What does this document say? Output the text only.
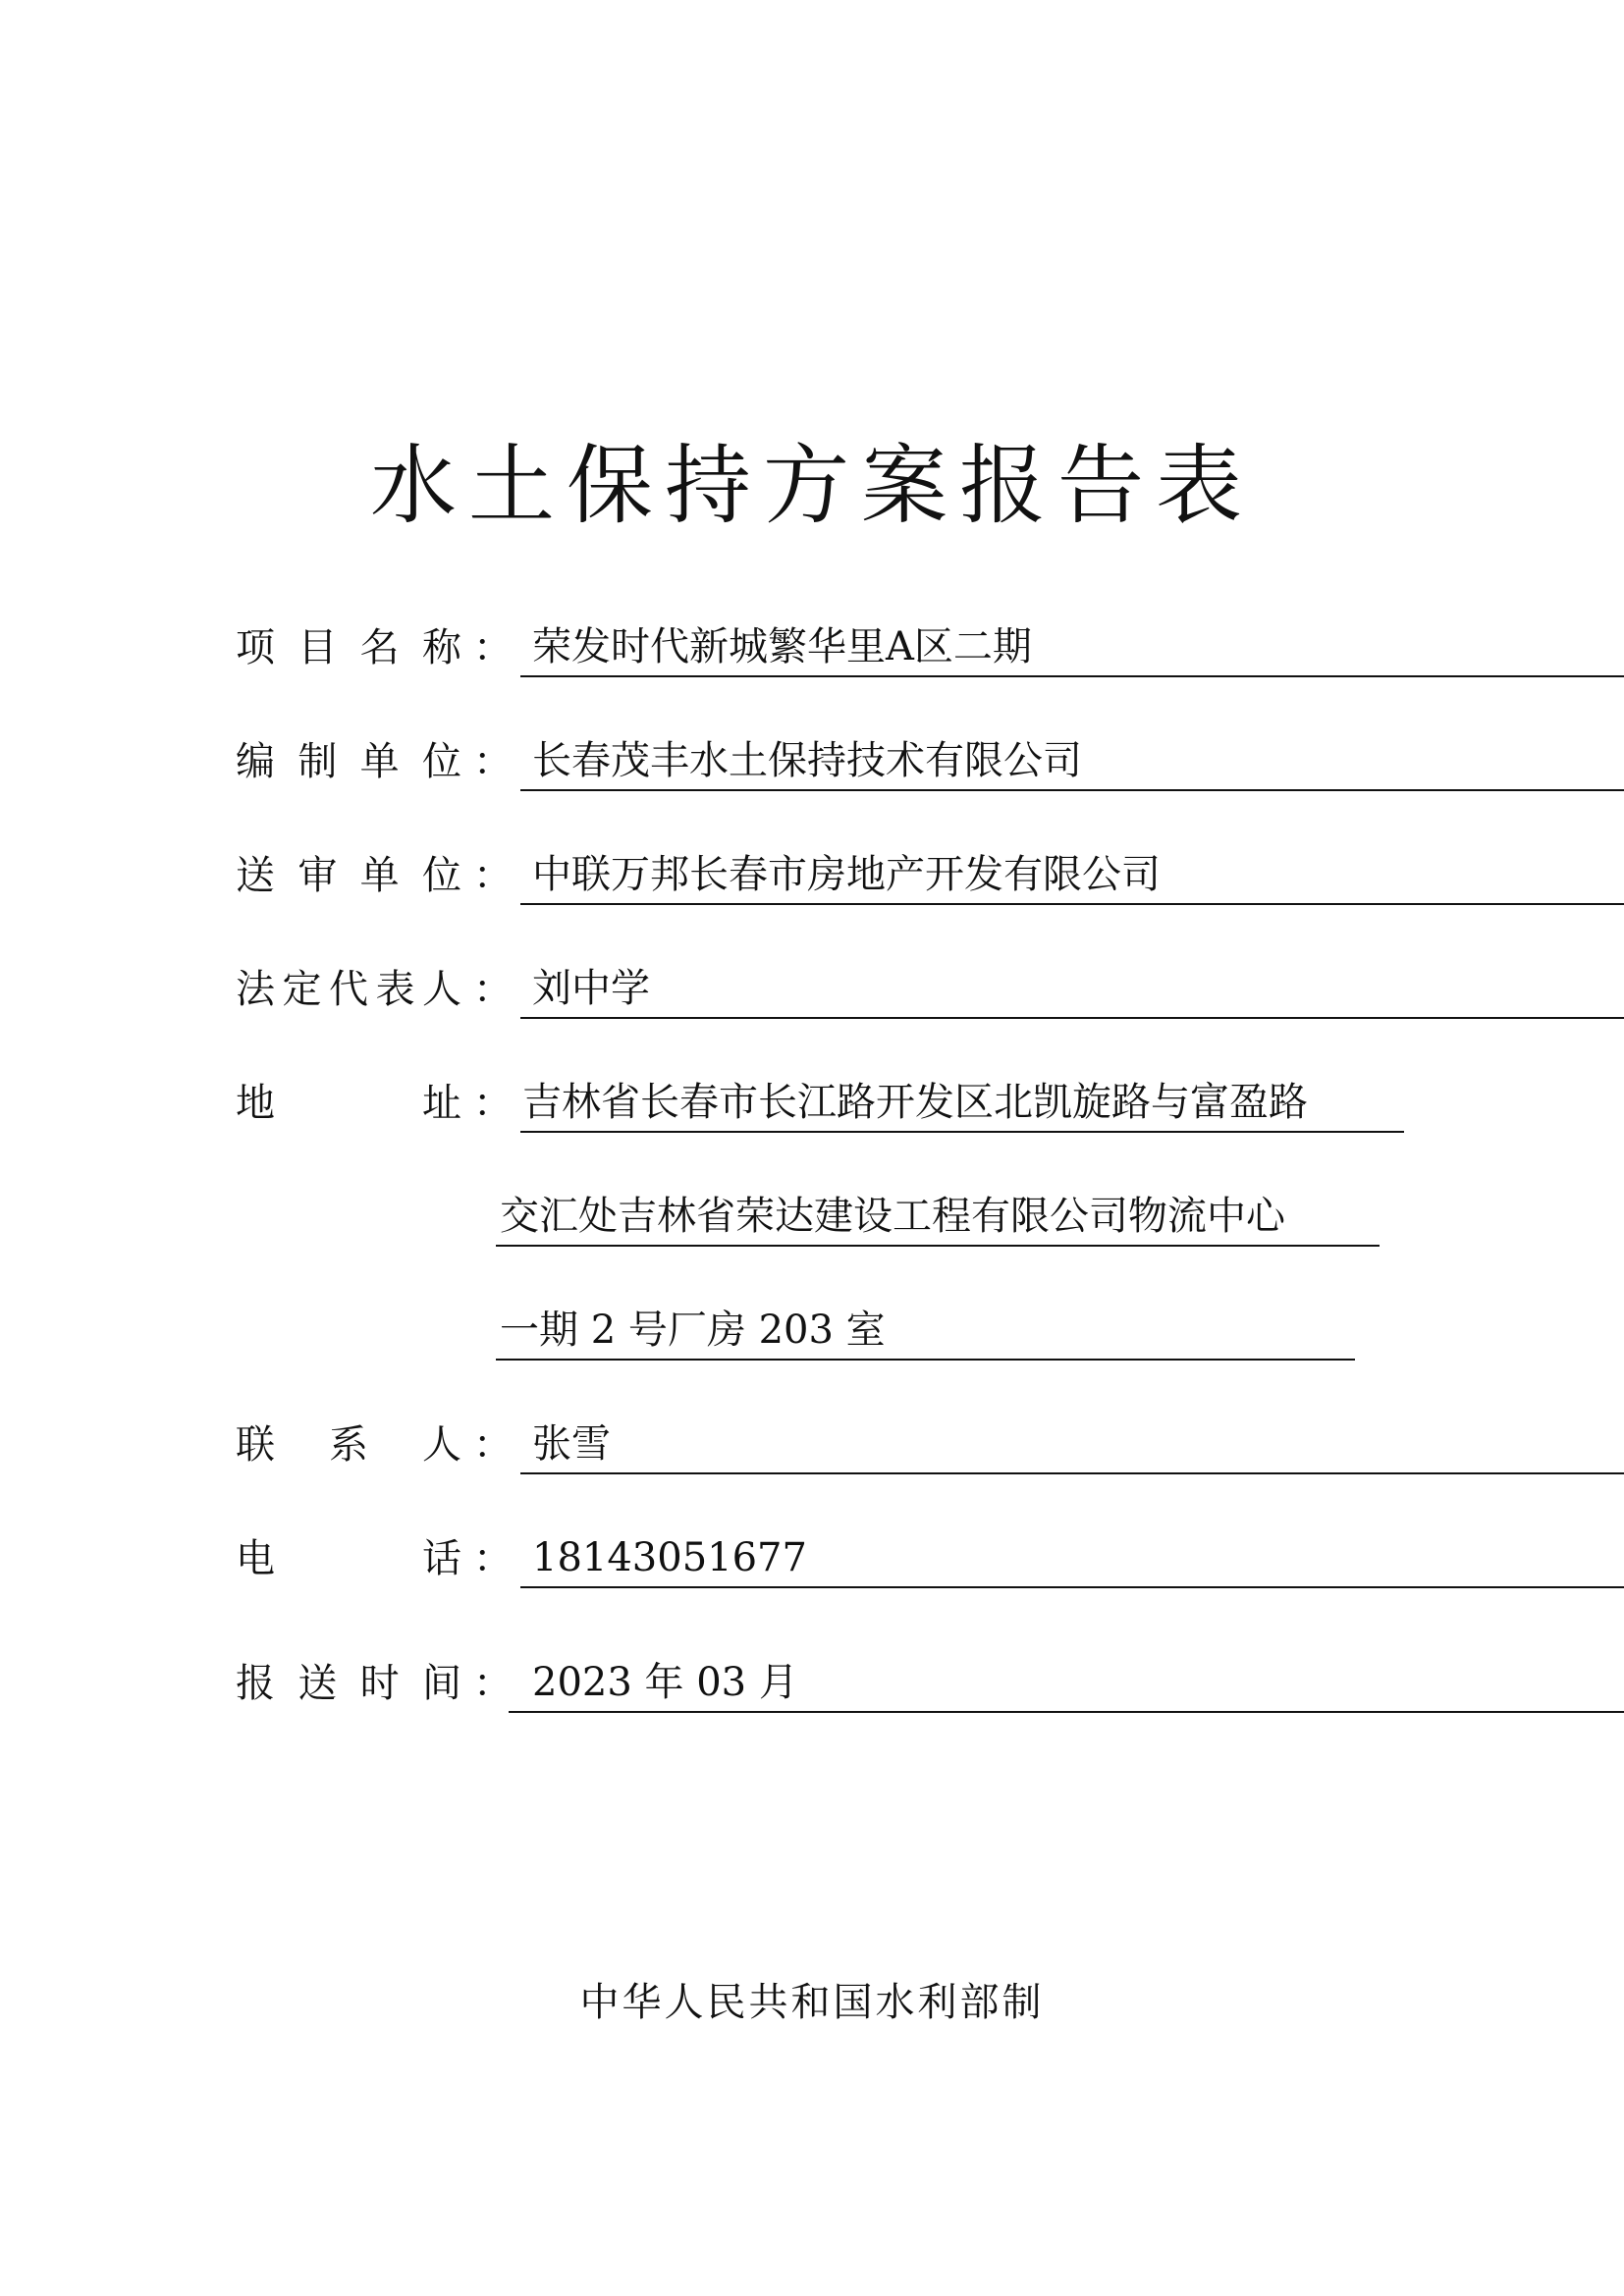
水土保持方案报告表
项 目 名 称 ： 荣发时代新城繁华里A区二期
编 制 单 位 ： 长春茂丰水土保持技术有限公司
送 审 单 位 ： 中联万邦长春市房地产开发有限公司
法 定 代 表 人 ： 刘中学
地	址 ： 吉林省长春市长江路开发区北凯旋路与富盈路
交汇处吉林省荣达建设工程有限公司物流中心
一期 2 号厂房 203 室
联 系 人 ： 张雪
电	话 ： 18143051677
报 送 时 间 ： 2023 年 03 月
中华人民共和国水利部制
